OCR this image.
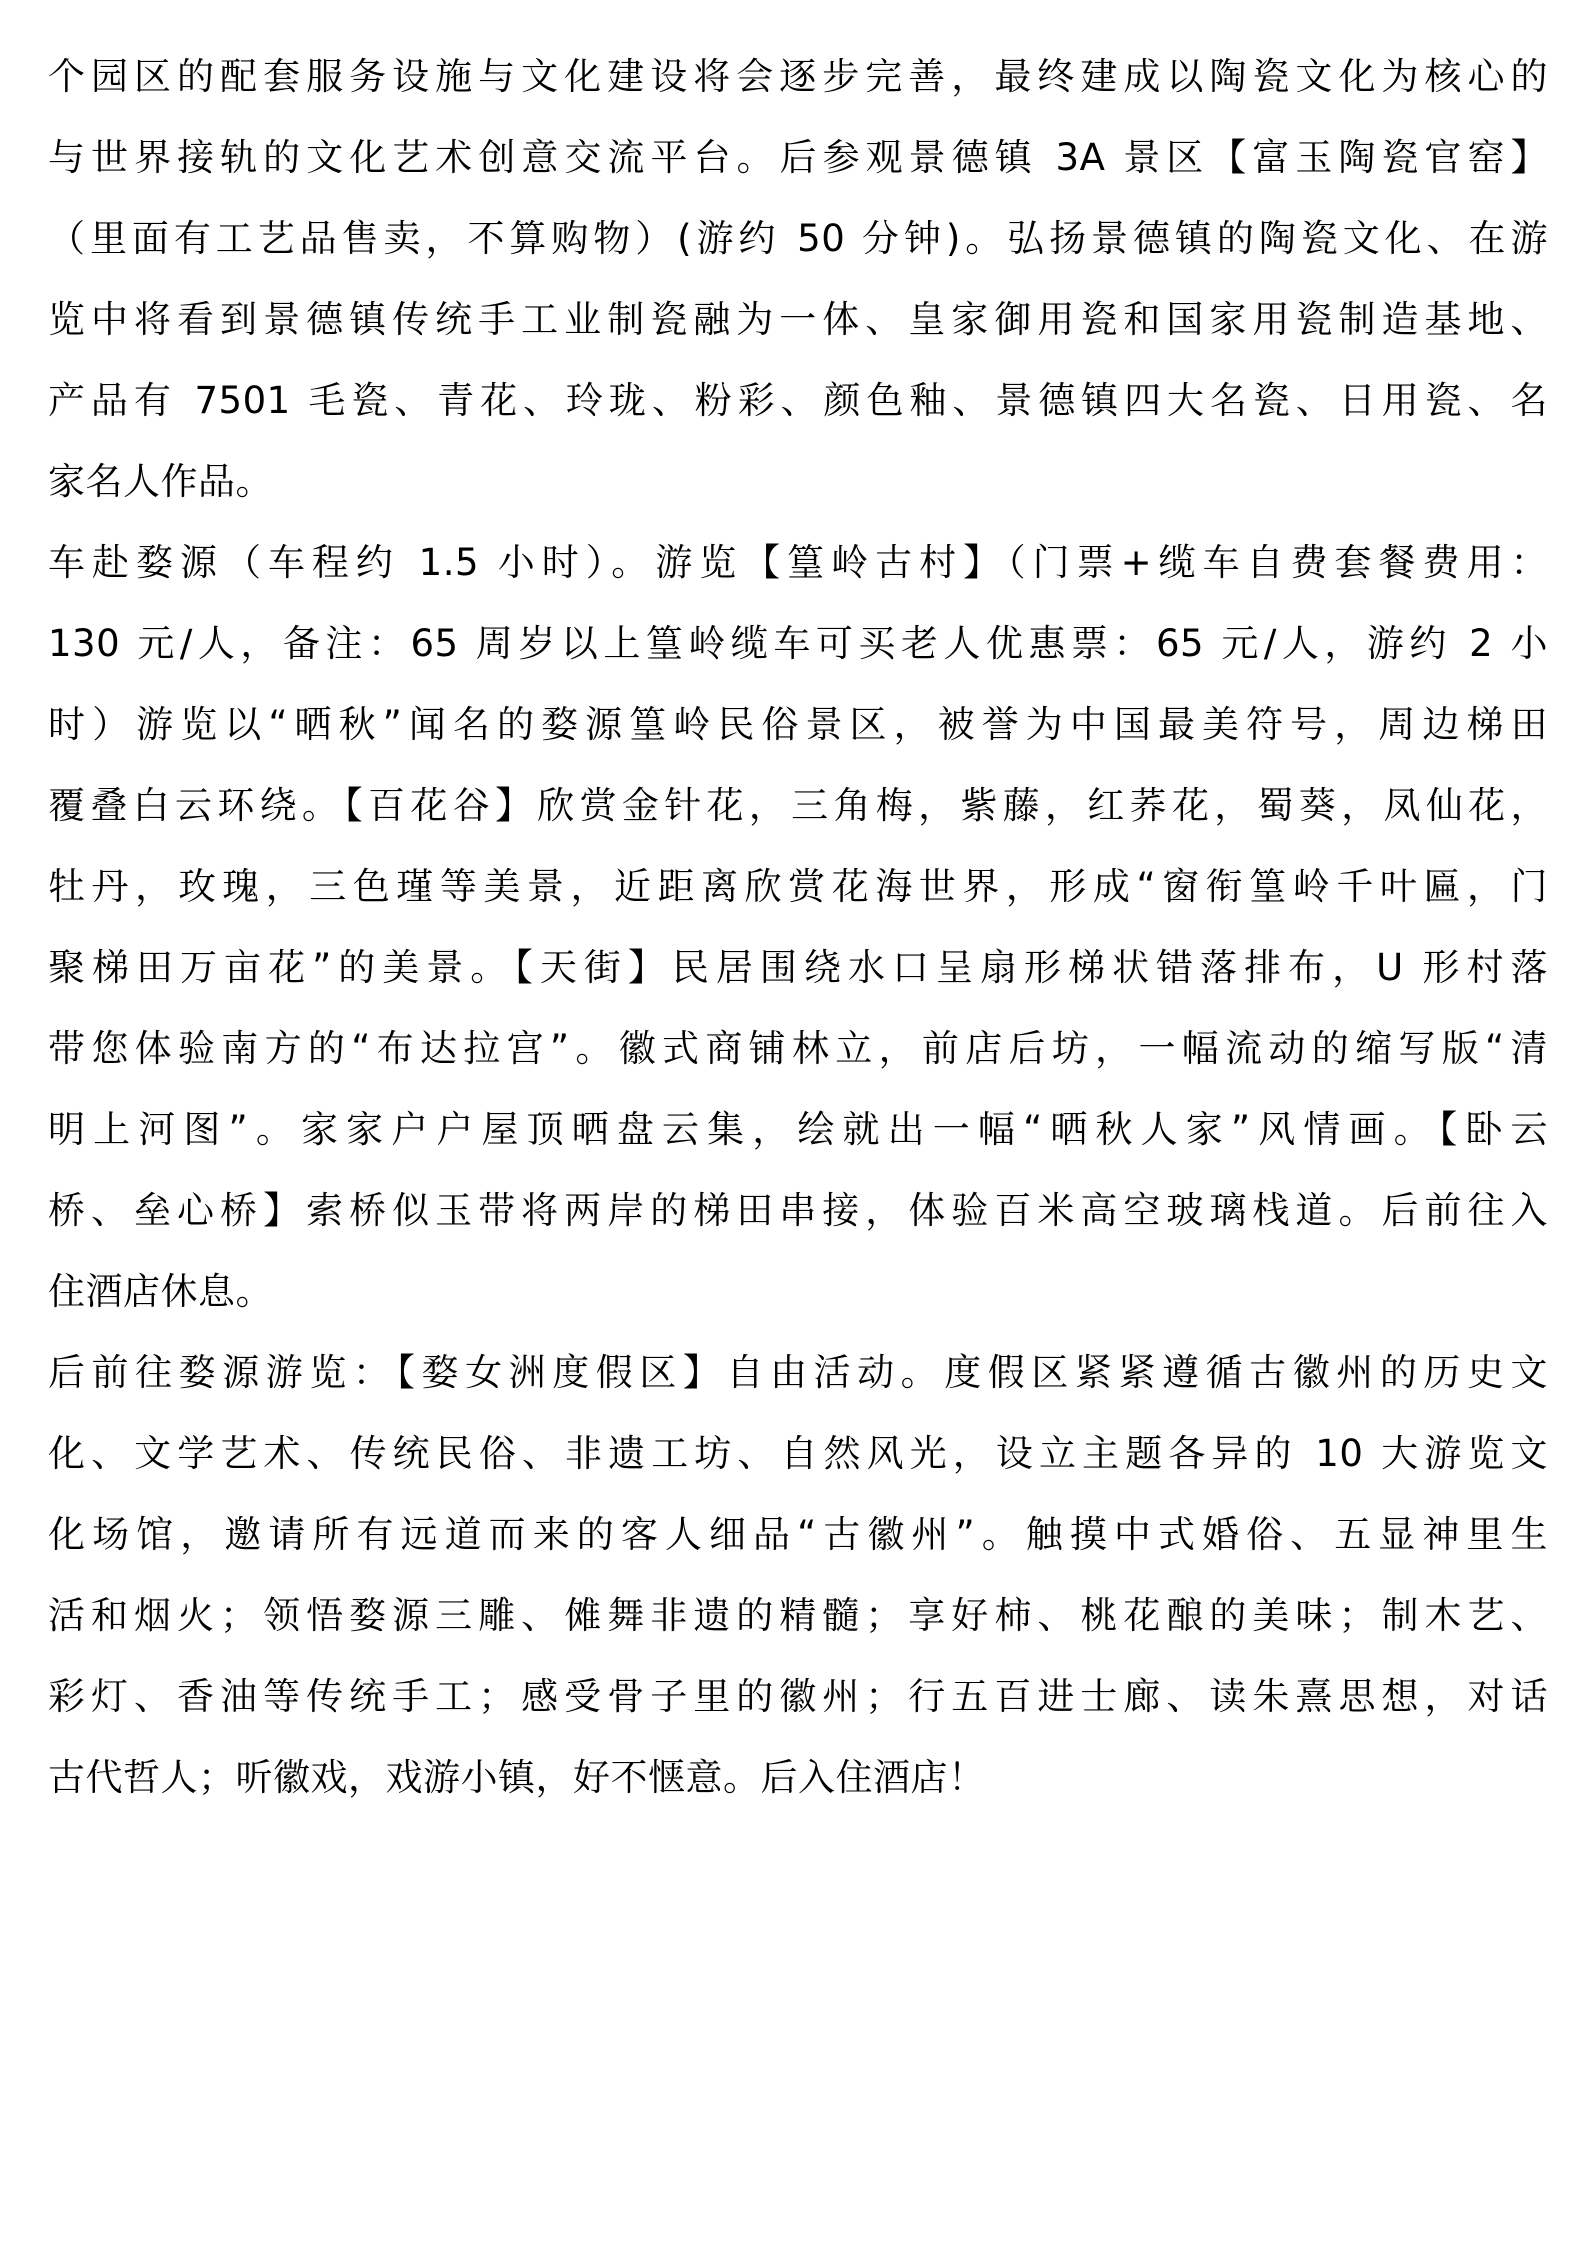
个园区的配套服务设施与文化建设将会逐步完善，最终建成以陶瓷文化为核心的
与世界接轨的文化艺术创意交流平台。后参观景德镇 3A 景区【富玉陶瓷官窑】
（里面有工艺品售卖，不算购物）(游约 50 分钟)。弘扬景德镇的陶瓷文化、在游
览中将看到景德镇传统手工业制瓷融为一体、皇家御用瓷和国家用瓷制造基地、
产品有 7501 毛瓷、青花、玲珑、粉彩、颜色釉、景德镇四大名瓷、日用瓷、名
家名人作品。
车赴婺源（车程约 1.5 小时）。游览【篁岭古村】（门票+缆车自费套餐费用：
130 元/人，备注：65 周岁以上篁岭缆车可买老人优惠票：65 元/人，游约 2 小
时）游览以“晒秋”闻名的婺源篁岭民俗景区，被誉为中国最美符号，周边梯田
覆叠白云环绕。【百花谷】欣赏金针花，三角梅，紫藤，红荞花，蜀葵，凤仙花，
牡丹，玫瑰，三色瑾等美景，近距离欣赏花海世界，形成“窗衔篁岭千叶匾，门
聚梯田万亩花”的美景。【天街】民居围绕水口呈扇形梯状错落排布，U 形村落
带您体验南方的“布达拉宫”。徽式商铺林立，前店后坊，一幅流动的缩写版“清
明上河图”。家家户户屋顶晒盘云集，绘就出一幅“晒秋人家”风情画。【卧云
桥、垒心桥】索桥似玉带将两岸的梯田串接，体验百米高空玻璃栈道。后前往入
住酒店休息。
后前往婺源游览：【婺女洲度假区】自由活动。度假区紧紧遵循古徽州的历史文
化、文学艺术、传统民俗、非遗工坊、自然风光，设立主题各异的 10 大游览文
化场馆，邀请所有远道而来的客人细品“古徽州”。触摸中式婚俗、五显神里生
活和烟火；领悟婺源三雕、傩舞非遗的精髓；享好柿、桃花酿的美味；制木艺、
彩灯、香油等传统手工；感受骨子里的徽州；行五百进士廊、读朱熹思想，对话
古代哲人；听徽戏，戏游小镇，好不惬意。后入住酒店！
